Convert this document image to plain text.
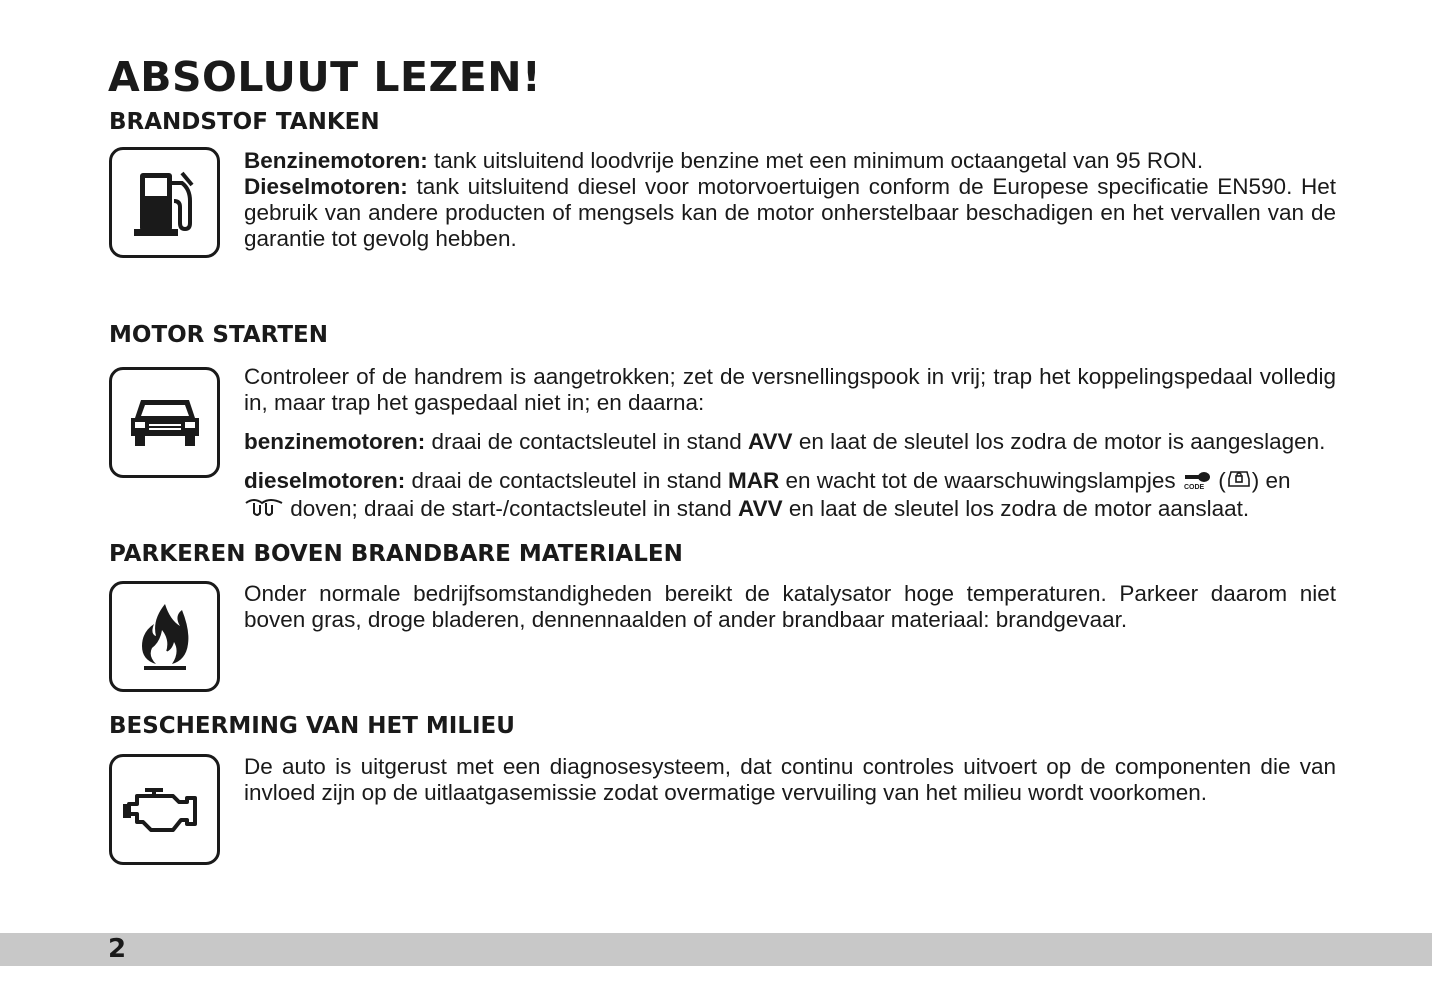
ABSOLUUT LEZEN!
BRANDSTOF TANKEN

Benzinemotoren: tank uitsluitend loodvrije benzine met een minimum octaangetal van 95 RON.

Dieselmotoren: tank uitsluitend diesel voor motorvoertuigen conform de Europese specificatie EN590. Het gebruik van andere producten of mengsels kan de motor onherstelbaar beschadigen en het vervallen van de garantie tot gevolg hebben.

MOTOR STARTEN

Controleer of de handrem is aangetrokken; zet de versnellingspook in vrij; trap het koppelingspedaal volledig in, maar trap het gaspedaal niet in; en daarna:

benzinemotoren: draai de contactsleutel in stand AVV en laat de sleutel los zodra de motor is aangeslagen.

dieselmotoren: draai de contactsleutel in stand MAR en wacht tot de waarschuwingslampjes CODE ( ) en
doven; draai de start-/contactsleutel in stand AVV en laat de sleutel los zodra de motor aanslaat.

PARKEREN BOVEN BRANDBARE MATERIALEN

Onder normale bedrijfsomstandigheden bereikt de katalysator hoge temperaturen. Parkeer daarom niet boven gras, droge bladeren, dennennaalden of ander brandbaar materiaal: brandgevaar.

BESCHERMING VAN HET MILIEU

De auto is uitgerust met een diagnosesysteem, dat continu controles uitvoert op de componenten die van invloed zijn op de uitlaatgasemissie zodat overmatige vervuiling van het milieu wordt voorkomen.

2
